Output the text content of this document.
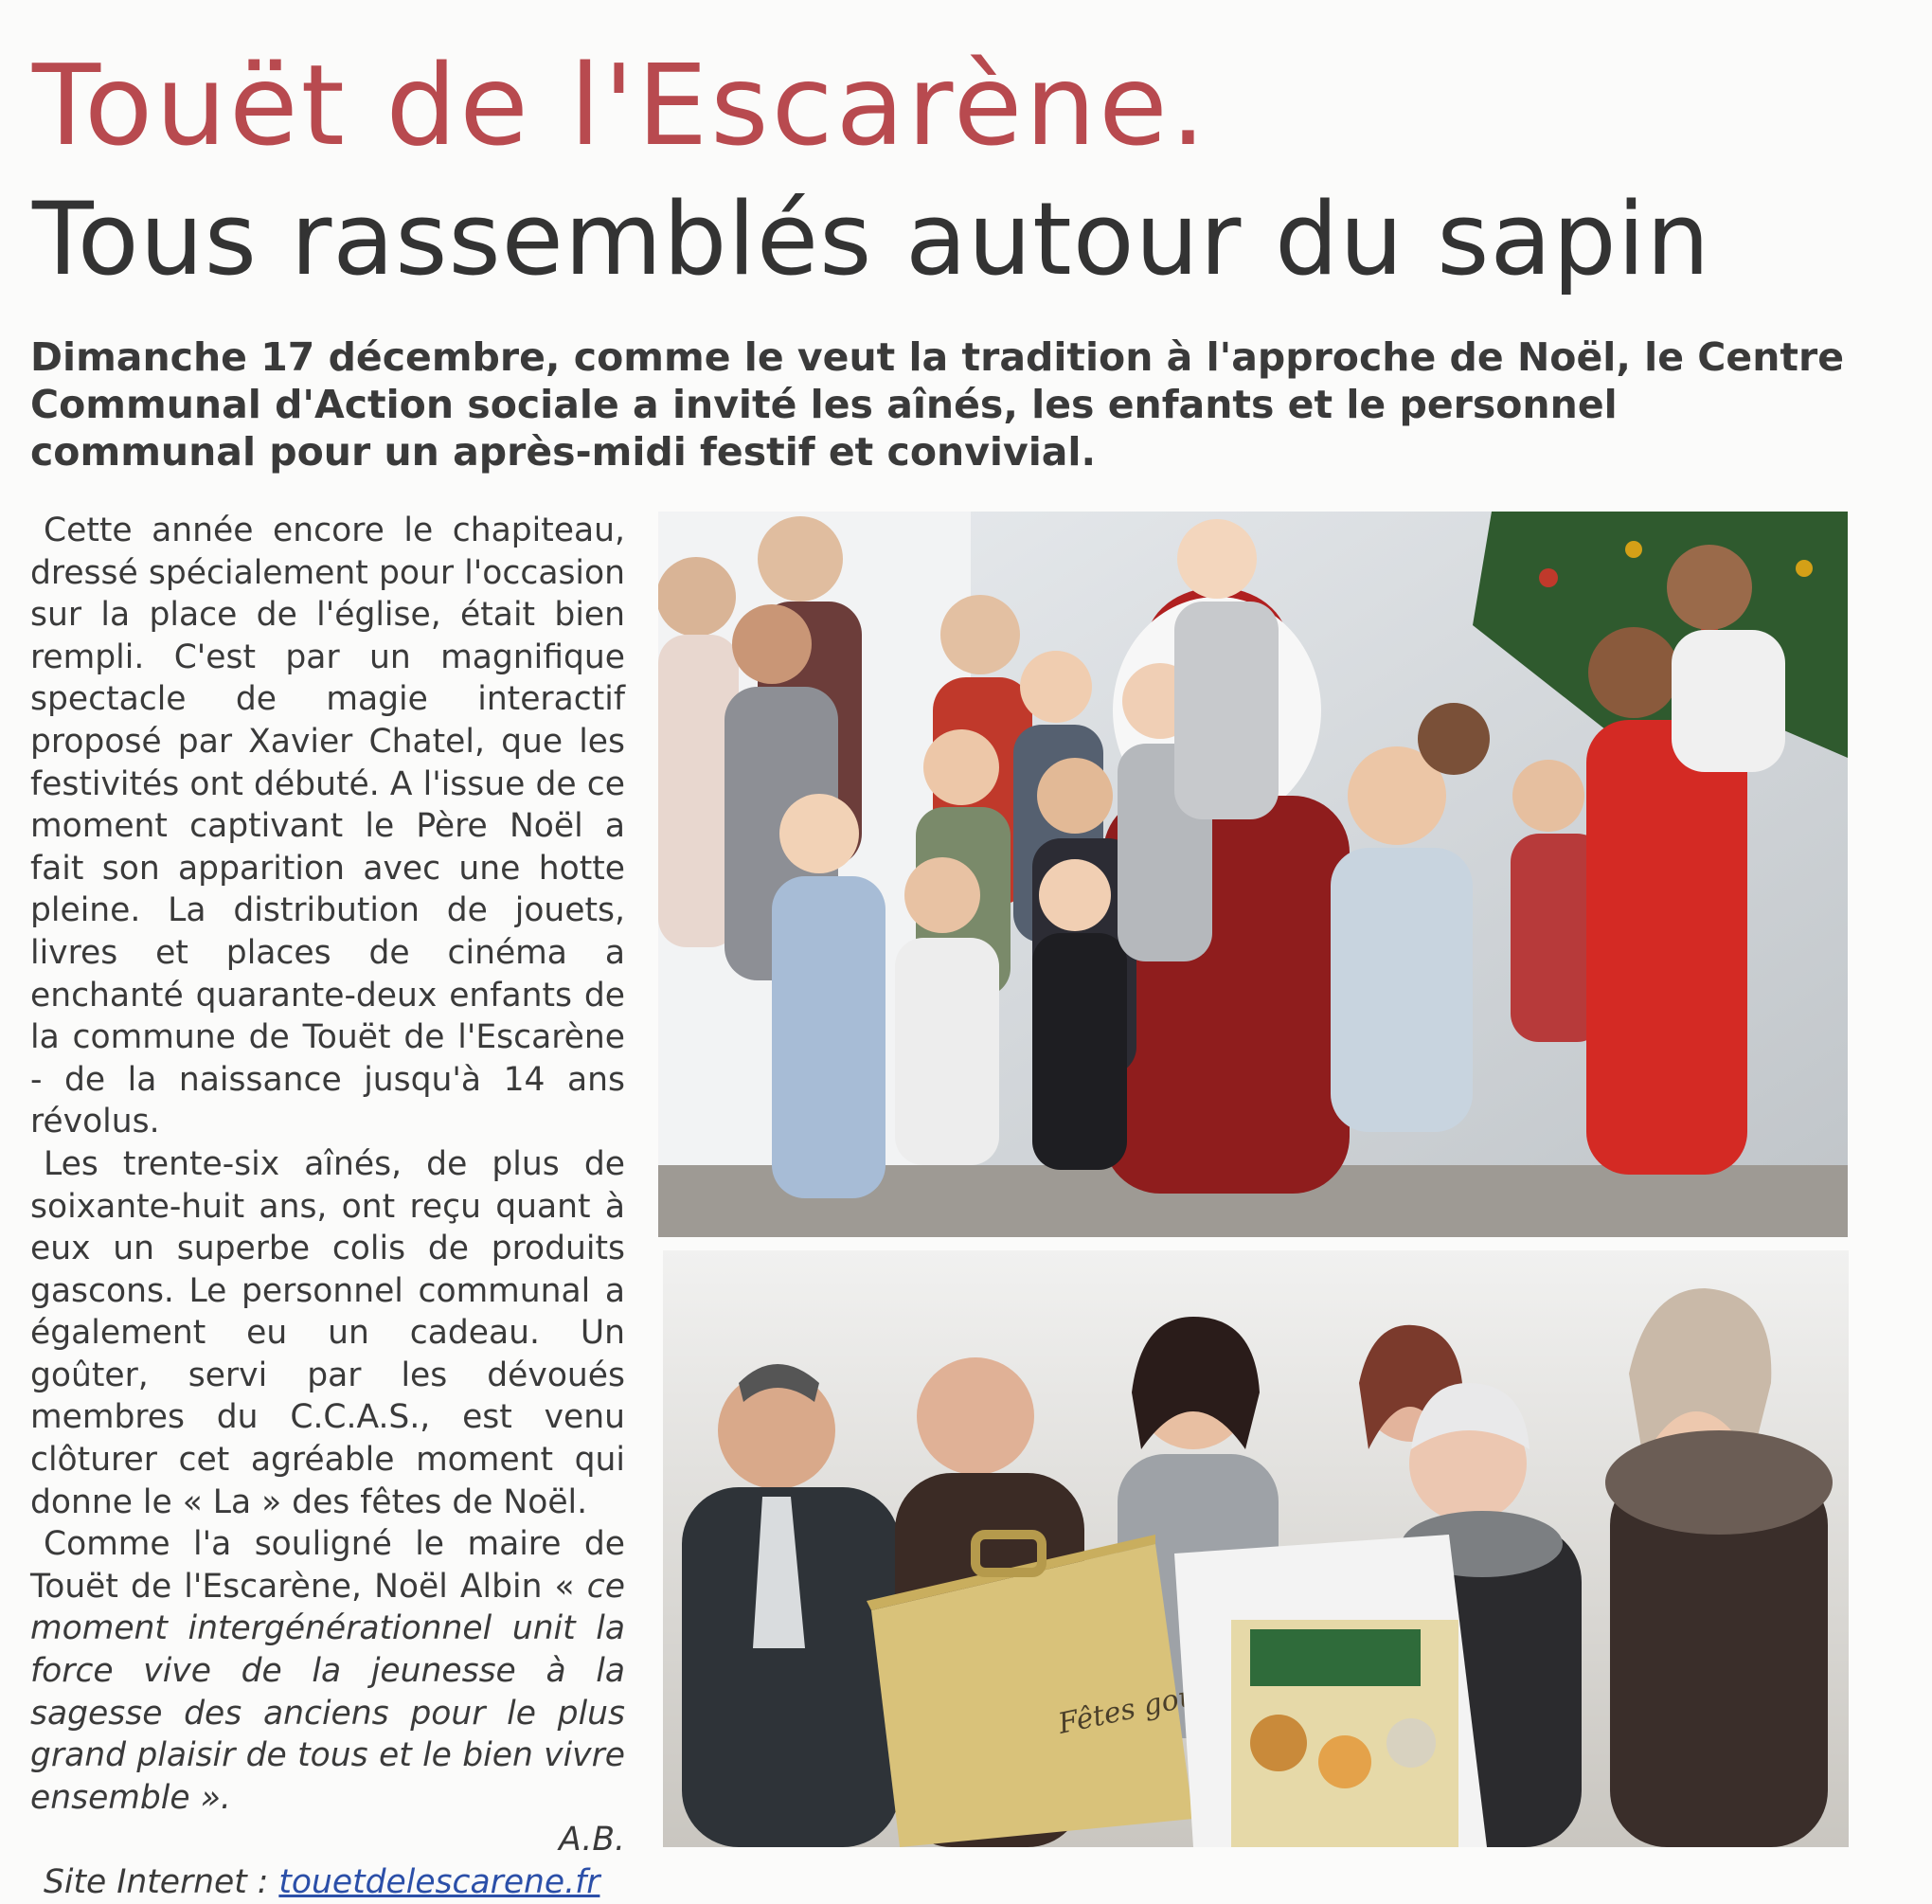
Touët de l'Escarène.
Tous rassemblés autour du sapin
Dimanche 17 décembre, comme le veut la tradition à l'approche de Noël, le Centre Communal d'Action sociale a invité les aînés, les enfants et le personnel communal pour un après-midi festif et convivial.

Cette année encore le chapiteau, dressé spécialement pour l'occasion sur la place de l'église, était bien rempli. C'est par un magnifique spectacle de magie interactif proposé par Xavier Chatel, que les festivités ont débuté. A l'issue de ce moment captivant le Père Noël a fait son apparition avec une hotte pleine. La distribution de jouets, livres et places de cinéma a enchanté quarante-deux enfants de la commune de Touët de l'Escarène - de la naissance jusqu'à 14 ans révolus.

Les trente-six aînés, de plus de soixante-huit ans, ont reçu quant à eux un superbe colis de produits gascons. Le personnel communal a également eu un cadeau. Un goûter, servi par les dévoués membres du C.C.A.S., est venu clôturer cet agréable moment qui donne le « La » des fêtes de Noël.

Comme l'a souligné le maire de Touët de l'Escarène, Noël Albin « ce moment intergénérationnel unit la force vive de la jeunesse à la sagesse des anciens pour le plus grand plaisir de tous et le bien vivre ensemble ».

A.B.
Site Internet : touetdelescarene.fr
Fêtes
